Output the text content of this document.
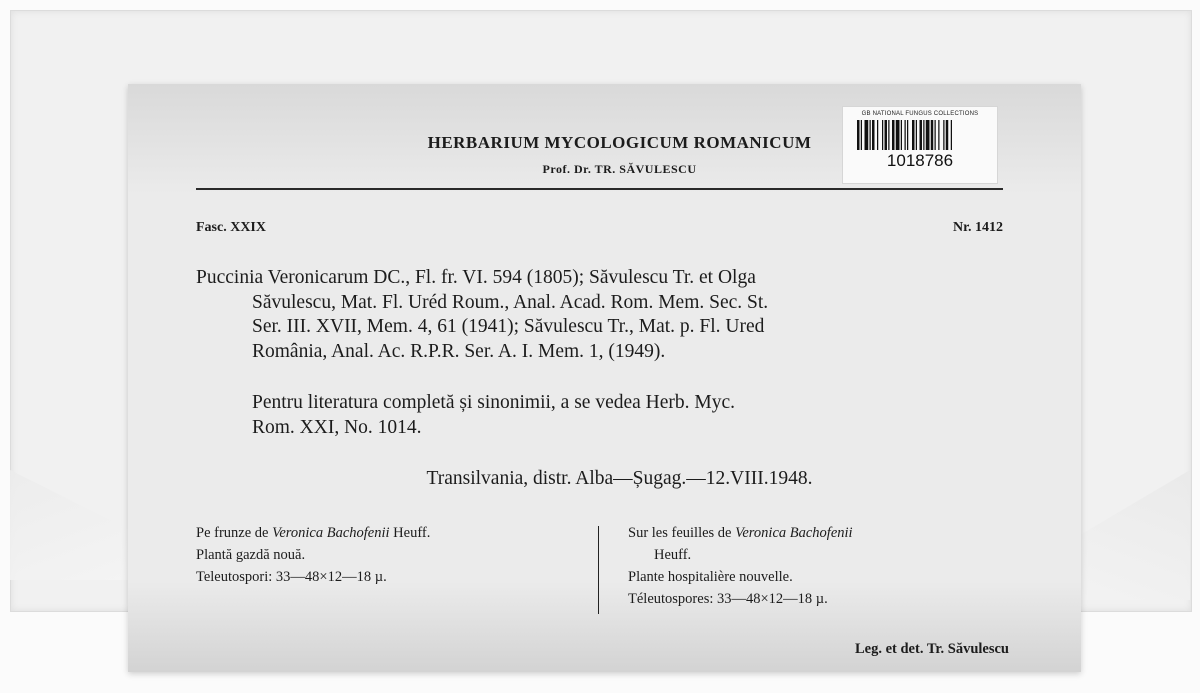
HERBARIUM MYCOLOGICUM ROMANICUM
Prof. Dr. TR. SĂVULESCU
GB NATIONAL FUNGUS COLLECTIONS
1018786
Fasc. XXIX	Nr. 1412
Puccinia Veronicarum DC., Fl. fr. VI. 594 (1805); Săvulescu Tr. et Olga
Săvulescu, Mat. Fl. Uréd Roum., Anal. Acad. Rom. Mem. Sec. St.
Ser. III. XVII, Mem. 4, 61 (1941); Săvulescu Tr., Mat. p. Fl. Ured
România, Anal. Ac. R.P.R. Ser. A. I. Mem. 1, (1949).
Pentru literatura completă și sinonimii, a se vedea Herb. Myc.
Rom. XXI, No. 1014.
Transilvania, distr. Alba—Șugag.—12.VIII.1948.
Pe frunze de Veronica Bachofenii Heuff.
Plantă gazdă nouă.
Teleutospori: 33—48×12—18 µ.
Sur les feuilles de Veronica Bachofenii
Heuff.
Plante hospitalière nouvelle.
Téleutospores: 33—48×12—18 µ.
Leg. et det. Tr. Săvulescu
